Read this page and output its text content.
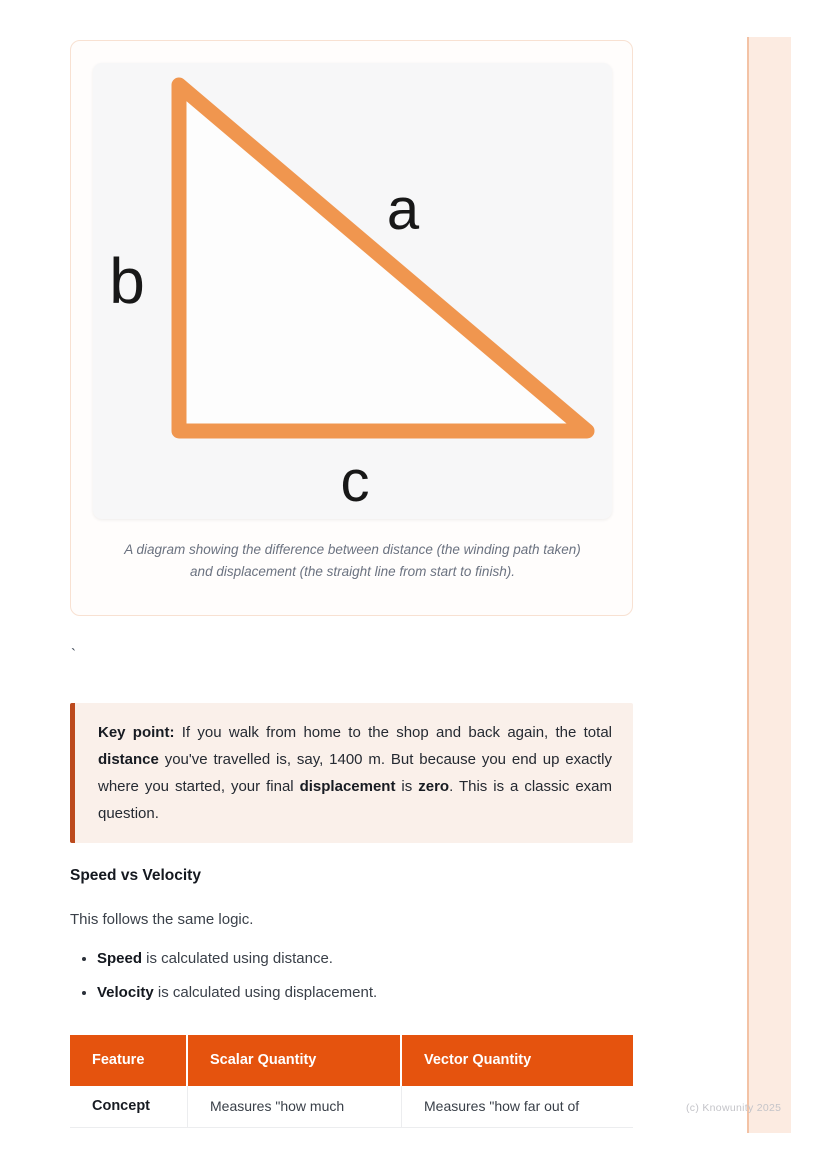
a
b
c
A diagram showing the difference between distance (the winding path taken) and displacement (the straight line from start to finish).
`
Key point: If you walk from home to the shop and back again, the total distance you've travelled is, say, 1400 m. But because you end up exactly where you started, your final displacement is zero. This is a classic exam question.
Speed vs Velocity
This follows the same logic.
• Speed is calculated using distance.
• Velocity is calculated using displacement.
Feature	Scalar Quantity	Vector Quantity
Concept	Measures "how much	Measures "how far out of	(c) Knowunity 2025
